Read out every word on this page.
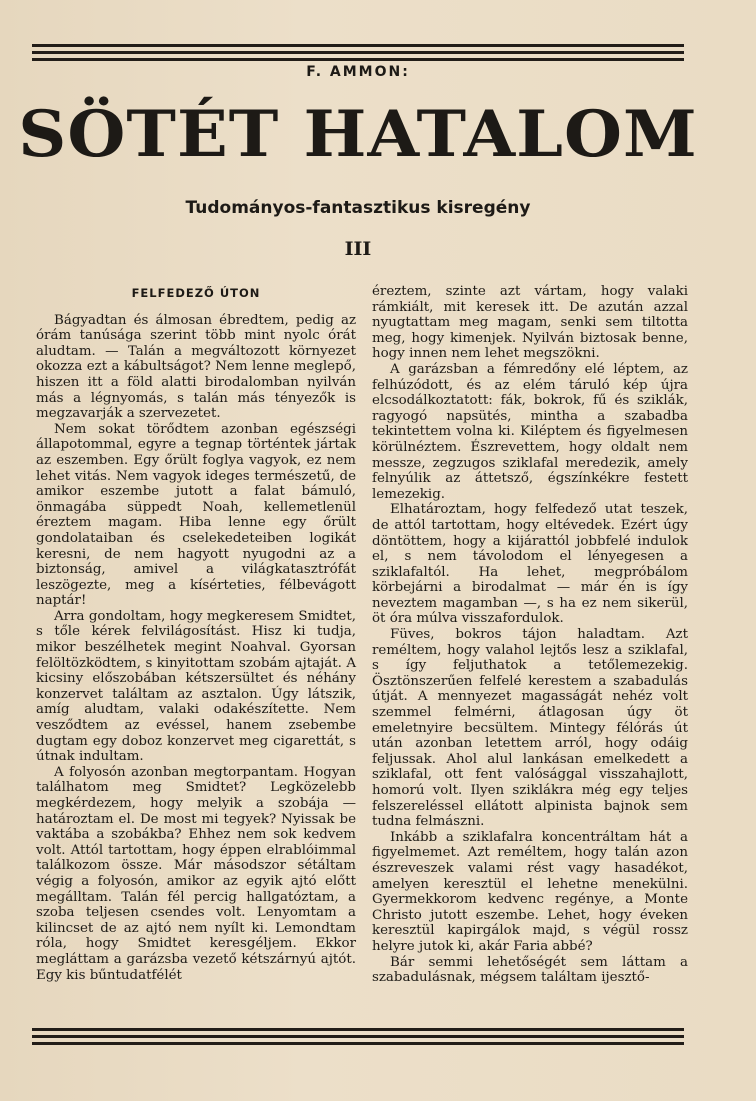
F. AMMON:
SÖTÉT HATALOM
Tudományos-fantasztikus kisregény
III
FELFEDEZŐ ÚTON

Bágyadtan és álmosan ébredtem, pedig az órám tanúsága szerint több mint nyolc órát aludtam. — Talán a megváltozott környezet okozza ezt a kábultságot? Nem lenne meglepő, hiszen itt a föld alatti birodalomban nyilván más a légnyomás, s talán más tényezők is megzavarják a szervezetet.

Nem sokat törődtem azonban egészségi állapotommal, egyre a tegnap történtek jártak az eszemben. Egy őrült foglya vagyok, ez nem lehet vitás. Nem vagyok ideges természetű, de amikor eszembe jutott a falat bámuló, önmagába süppedt Noah, kellemetlenül éreztem magam. Hiba lenne egy őrült gondolataiban és cselekedeteiben logikát keresni, de nem hagyott nyugodni az a biztonság, amivel a világkatasztrófát leszögezte, meg a kísérteties, félbevágott naptár!

Arra gondoltam, hogy megkeresem Smidtet, s tőle kérek felvilágosítást. Hisz ki tudja, mikor beszélhetek megint Noahval. Gyorsan felöltözködtem, s kinyitottam szobám ajtaját. A kicsiny előszobában kétszersültet és néhány konzervet találtam az asztalon. Úgy látszik, amíg aludtam, valaki odakészítette. Nem vesződtem az evéssel, hanem zsebembe dugtam egy doboz konzervet meg cigarettát, s útnak indultam.

A folyosón azonban megtorpantam. Hogyan találhatom meg Smidtet? Legközelebb megkérdezem, hogy melyik a szobája — határoztam el. De most mi tegyek? Nyissak be vaktába a szobákba? Ehhez nem sok kedvem volt. Attól tartottam, hogy éppen elrablóimmal találkozom össze. Már másodszor sétáltam végig a folyosón, amikor az egyik ajtó előtt megálltam. Talán fél percig hallgatóztam, a szoba teljesen csendes volt. Lenyomtam a kilincset de az ajtó nem nyílt ki. Lemondtam róla, hogy Smidtet keresgéljem. Ekkor megláttam a garázsba vezető kétszárnyú ajtót. Egy kis bűntudatfélét

éreztem, szinte azt vártam, hogy valaki rámkiált, mit keresek itt. De azután azzal nyugtattam meg magam, senki sem tiltotta meg, hogy kimenjek. Nyilván biztosak benne, hogy innen nem lehet megszökni.

A garázsban a fémredőny elé léptem, az felhúzódott, és az elém táruló kép újra elcsodálkoztatott: fák, bokrok, fű és sziklák, ragyogó napsütés, mintha a szabadba tekintettem volna ki. Kiléptem és figyelmesen körülnéztem. Észrevettem, hogy oldalt nem messze, zegzugos sziklafal meredezik, amely felnyúlik az áttetsző, égszínkékre festett lemezekig.

Elhatároztam, hogy felfedező utat teszek, de attól tartottam, hogy eltévedek. Ezért úgy döntöttem, hogy a kijárattól jobbfelé indulok el, s nem távolodom el lényegesen a sziklafaltól. Ha lehet, megpróbálom körbejárni a birodalmat — már én is így neveztem magamban —, s ha ez nem sikerül, öt óra múlva visszafordulok.

Füves, bokros tájon haladtam. Azt reméltem, hogy valahol lejtős lesz a sziklafal, s így feljuthatok a tetőlemezekig. Ösztönszerűen felfelé kerestem a szabadulás útját. A mennyezet magasságát nehéz volt szemmel felmérni, átlagosan úgy öt emeletnyire becsültem. Mintegy félórás út után azonban letettem arról, hogy odáig feljussak. Ahol alul lankásan emelkedett a sziklafal, ott fent valósággal visszahajlott, homorú volt. Ilyen sziklákra még egy teljes felszereléssel ellátott alpinista bajnok sem tudna felmászni.

Inkább a sziklafalra koncentráltam hát a figyelmemet. Azt reméltem, hogy talán azon észreveszek valami rést vagy hasadékot, amelyen keresztül el lehetne menekülni. Gyermekkorom kedvenc regénye, a Monte Christo jutott eszembe. Lehet, hogy éveken keresztül kapirgálok majd, s végül rossz helyre jutok ki, akár Faria abbé?

Bár semmi lehetőségét sem láttam a szabadulásnak, mégsem találtam ijesztő-
